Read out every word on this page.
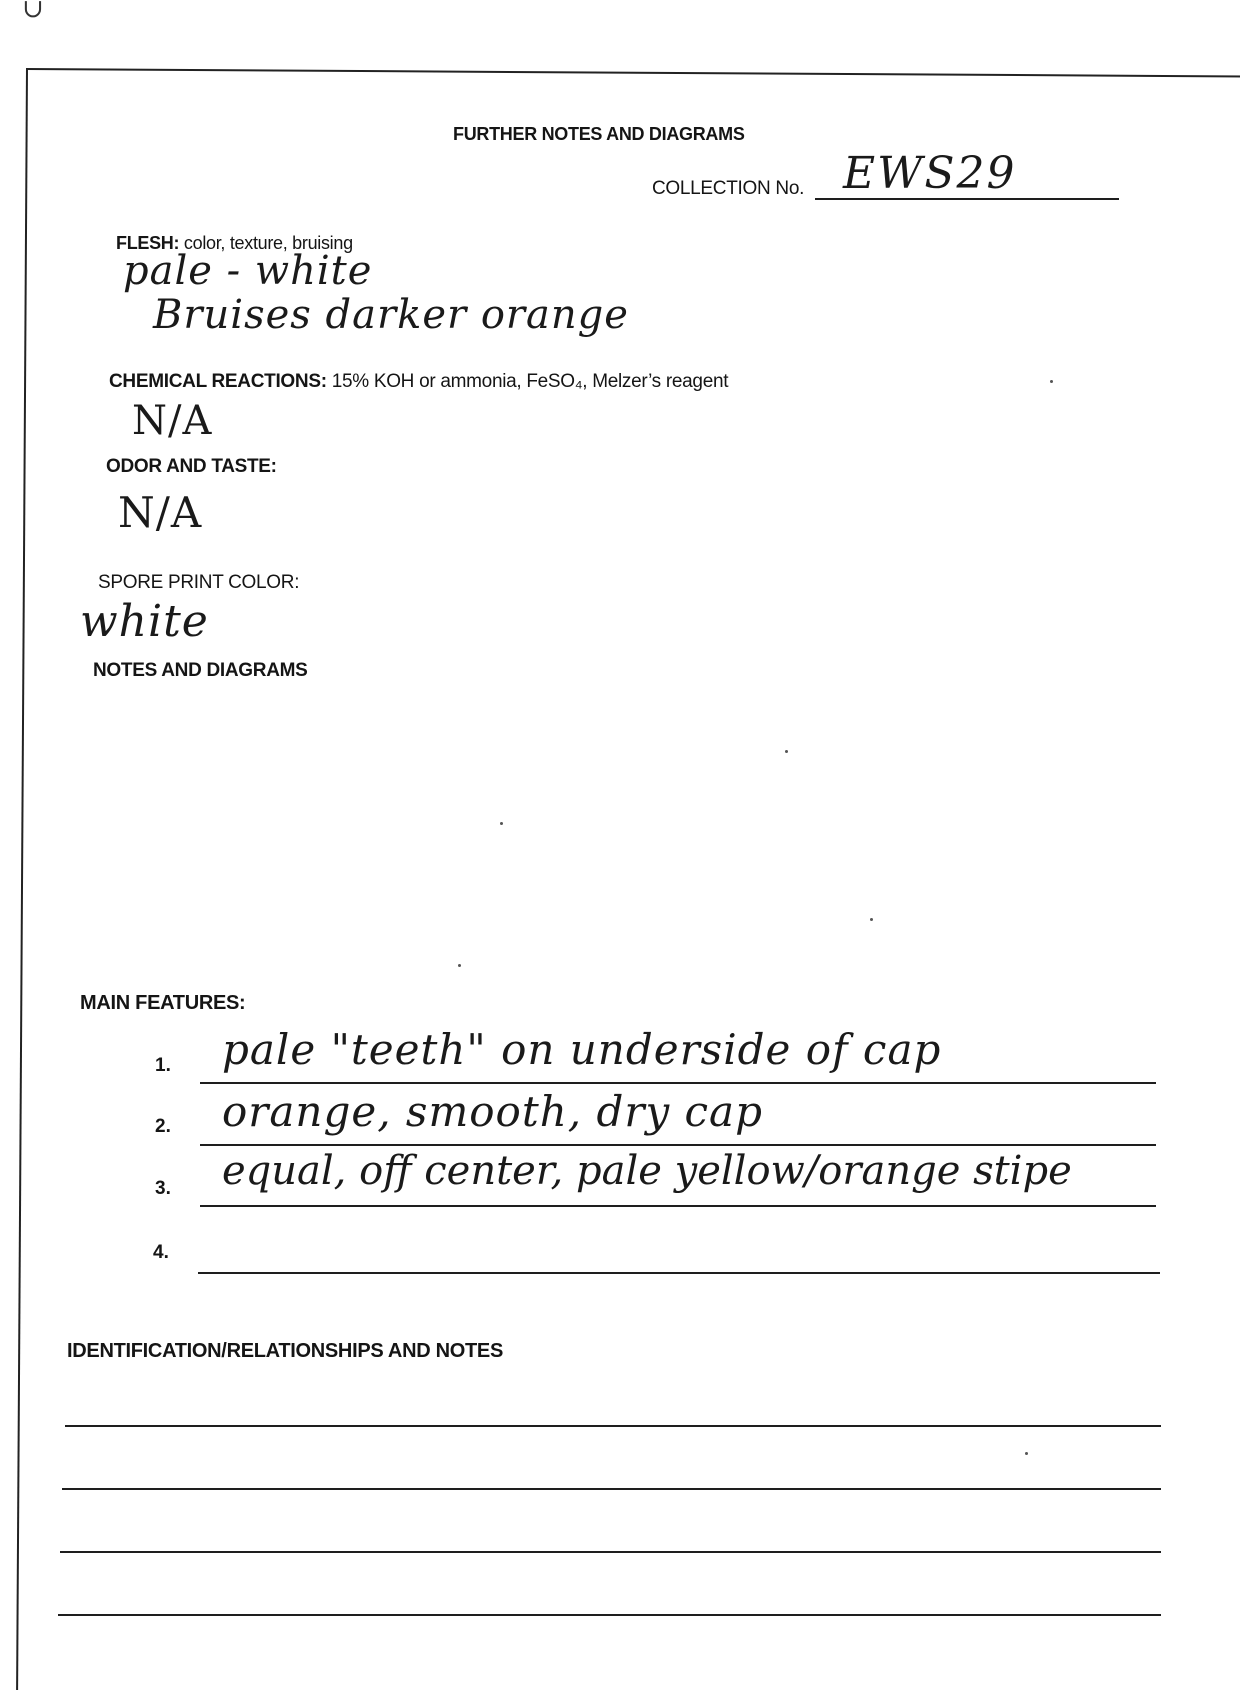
∪
FURTHER NOTES AND DIAGRAMS
COLLECTION No. EWS29
FLESH: color, texture, bruising
pale - white
Bruises darker orange
CHEMICAL REACTIONS: 15% KOH or ammonia, FeSO₄, Melzer’s reagent
N/A
ODOR AND TASTE:
N/A
SPORE PRINT COLOR:
white
NOTES AND DIAGRAMS
MAIN FEATURES:
1. pale "teeth" on underside of cap
2. orange, smooth, dry cap
3. equal, off center, pale yellow/orange stipe
4.
IDENTIFICATION/RELATIONSHIPS AND NOTES
